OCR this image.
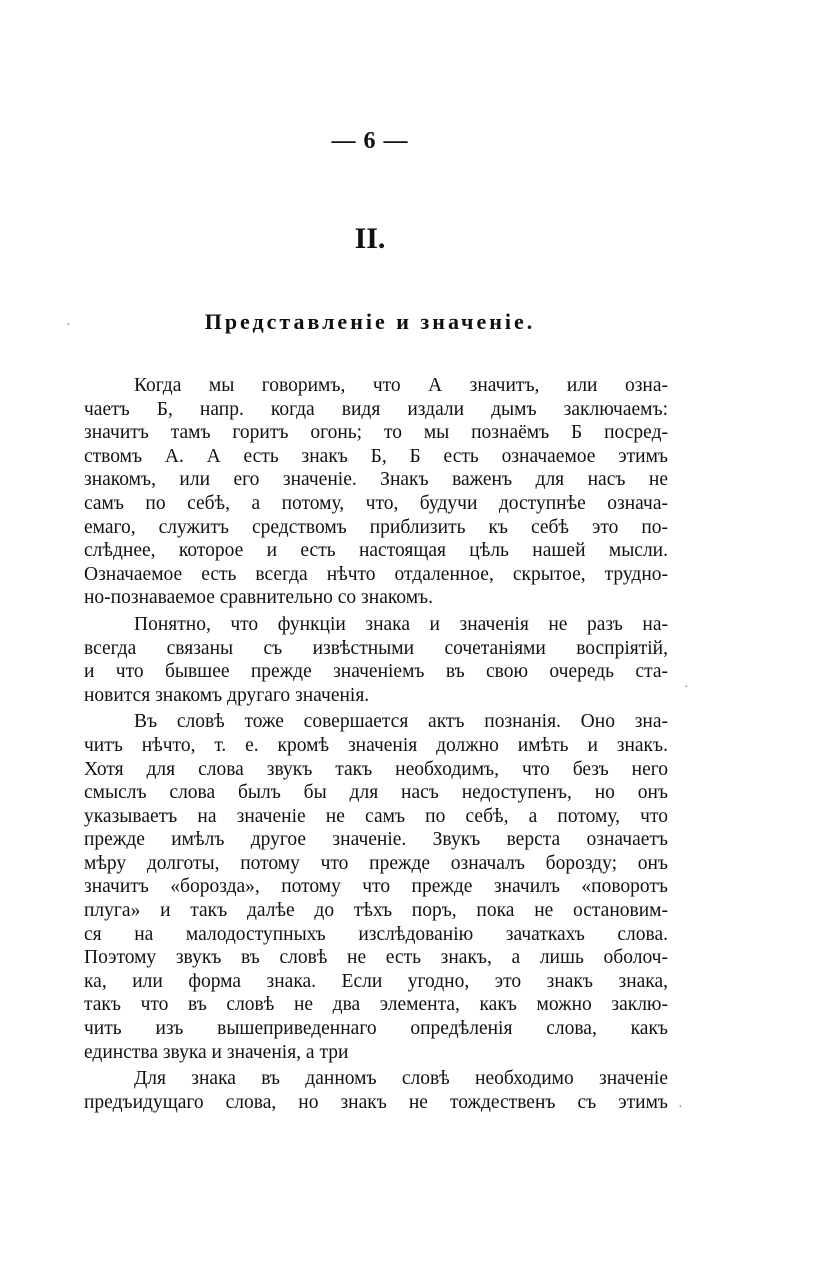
— 6 —
II.
Представленіе и значеніе.
Когда мы говоримъ, что А значитъ, или озна-
чаетъ Б, напр. когда видя издали дымъ заключаемъ:
значитъ тамъ горитъ огонь; то мы познаёмъ Б посред-
ствомъ А. А есть знакъ Б, Б есть означаемое этимъ
знакомъ, или его значеніе. Знакъ важенъ для насъ не
самъ по себѣ, а потому, что, будучи доступнѣе означа-
емаго, служитъ средствомъ приблизить къ себѣ это по-
слѣднее, которое и есть настоящая цѣль нашей мысли.
Означаемое есть всегда нѣчто отдаленное, скрытое, трудно-
но-познаваемое сравнительно со знакомъ.
Понятно, что функціи знака и значенія не разъ на-
всегда связаны съ извѣстными сочетаніями воспріятій,
и что бывшее прежде значеніемъ въ свою очередь ста-
новится знакомъ другаго значенія.
Въ словѣ тоже совершается актъ познанія. Оно зна-
читъ нѣчто, т. е. кромѣ значенія должно имѣть и знакъ.
Хотя для слова звукъ такъ необходимъ, что безъ него
смыслъ слова былъ бы для насъ недоступенъ, но онъ
указываетъ на значеніе не самъ по себѣ, а потому, что
прежде имѣлъ другое значеніе. Звукъ верста означаетъ
мѣру долготы, потому что прежде означалъ борозду; онъ
значитъ «борозда», потому что прежде значилъ «поворотъ
плуга» и такъ далѣе до тѣхъ поръ, пока не остановим-
ся на малодоступныхъ изслѣдованію зачаткахъ слова.
Поэтому звукъ въ словѣ не есть знакъ, а лишь оболоч-
ка, или форма знака. Если угодно, это знакъ знака,
такъ что въ словѣ не два элемента, какъ можно заклю-
чить изъ вышеприведеннаго опредѣленія слова, какъ
единства звука и значенія, а три
Для знака въ данномъ словѣ необходимо значеніе
предъидущаго слова, но знакъ не тождественъ съ этимъ
·
·
·
